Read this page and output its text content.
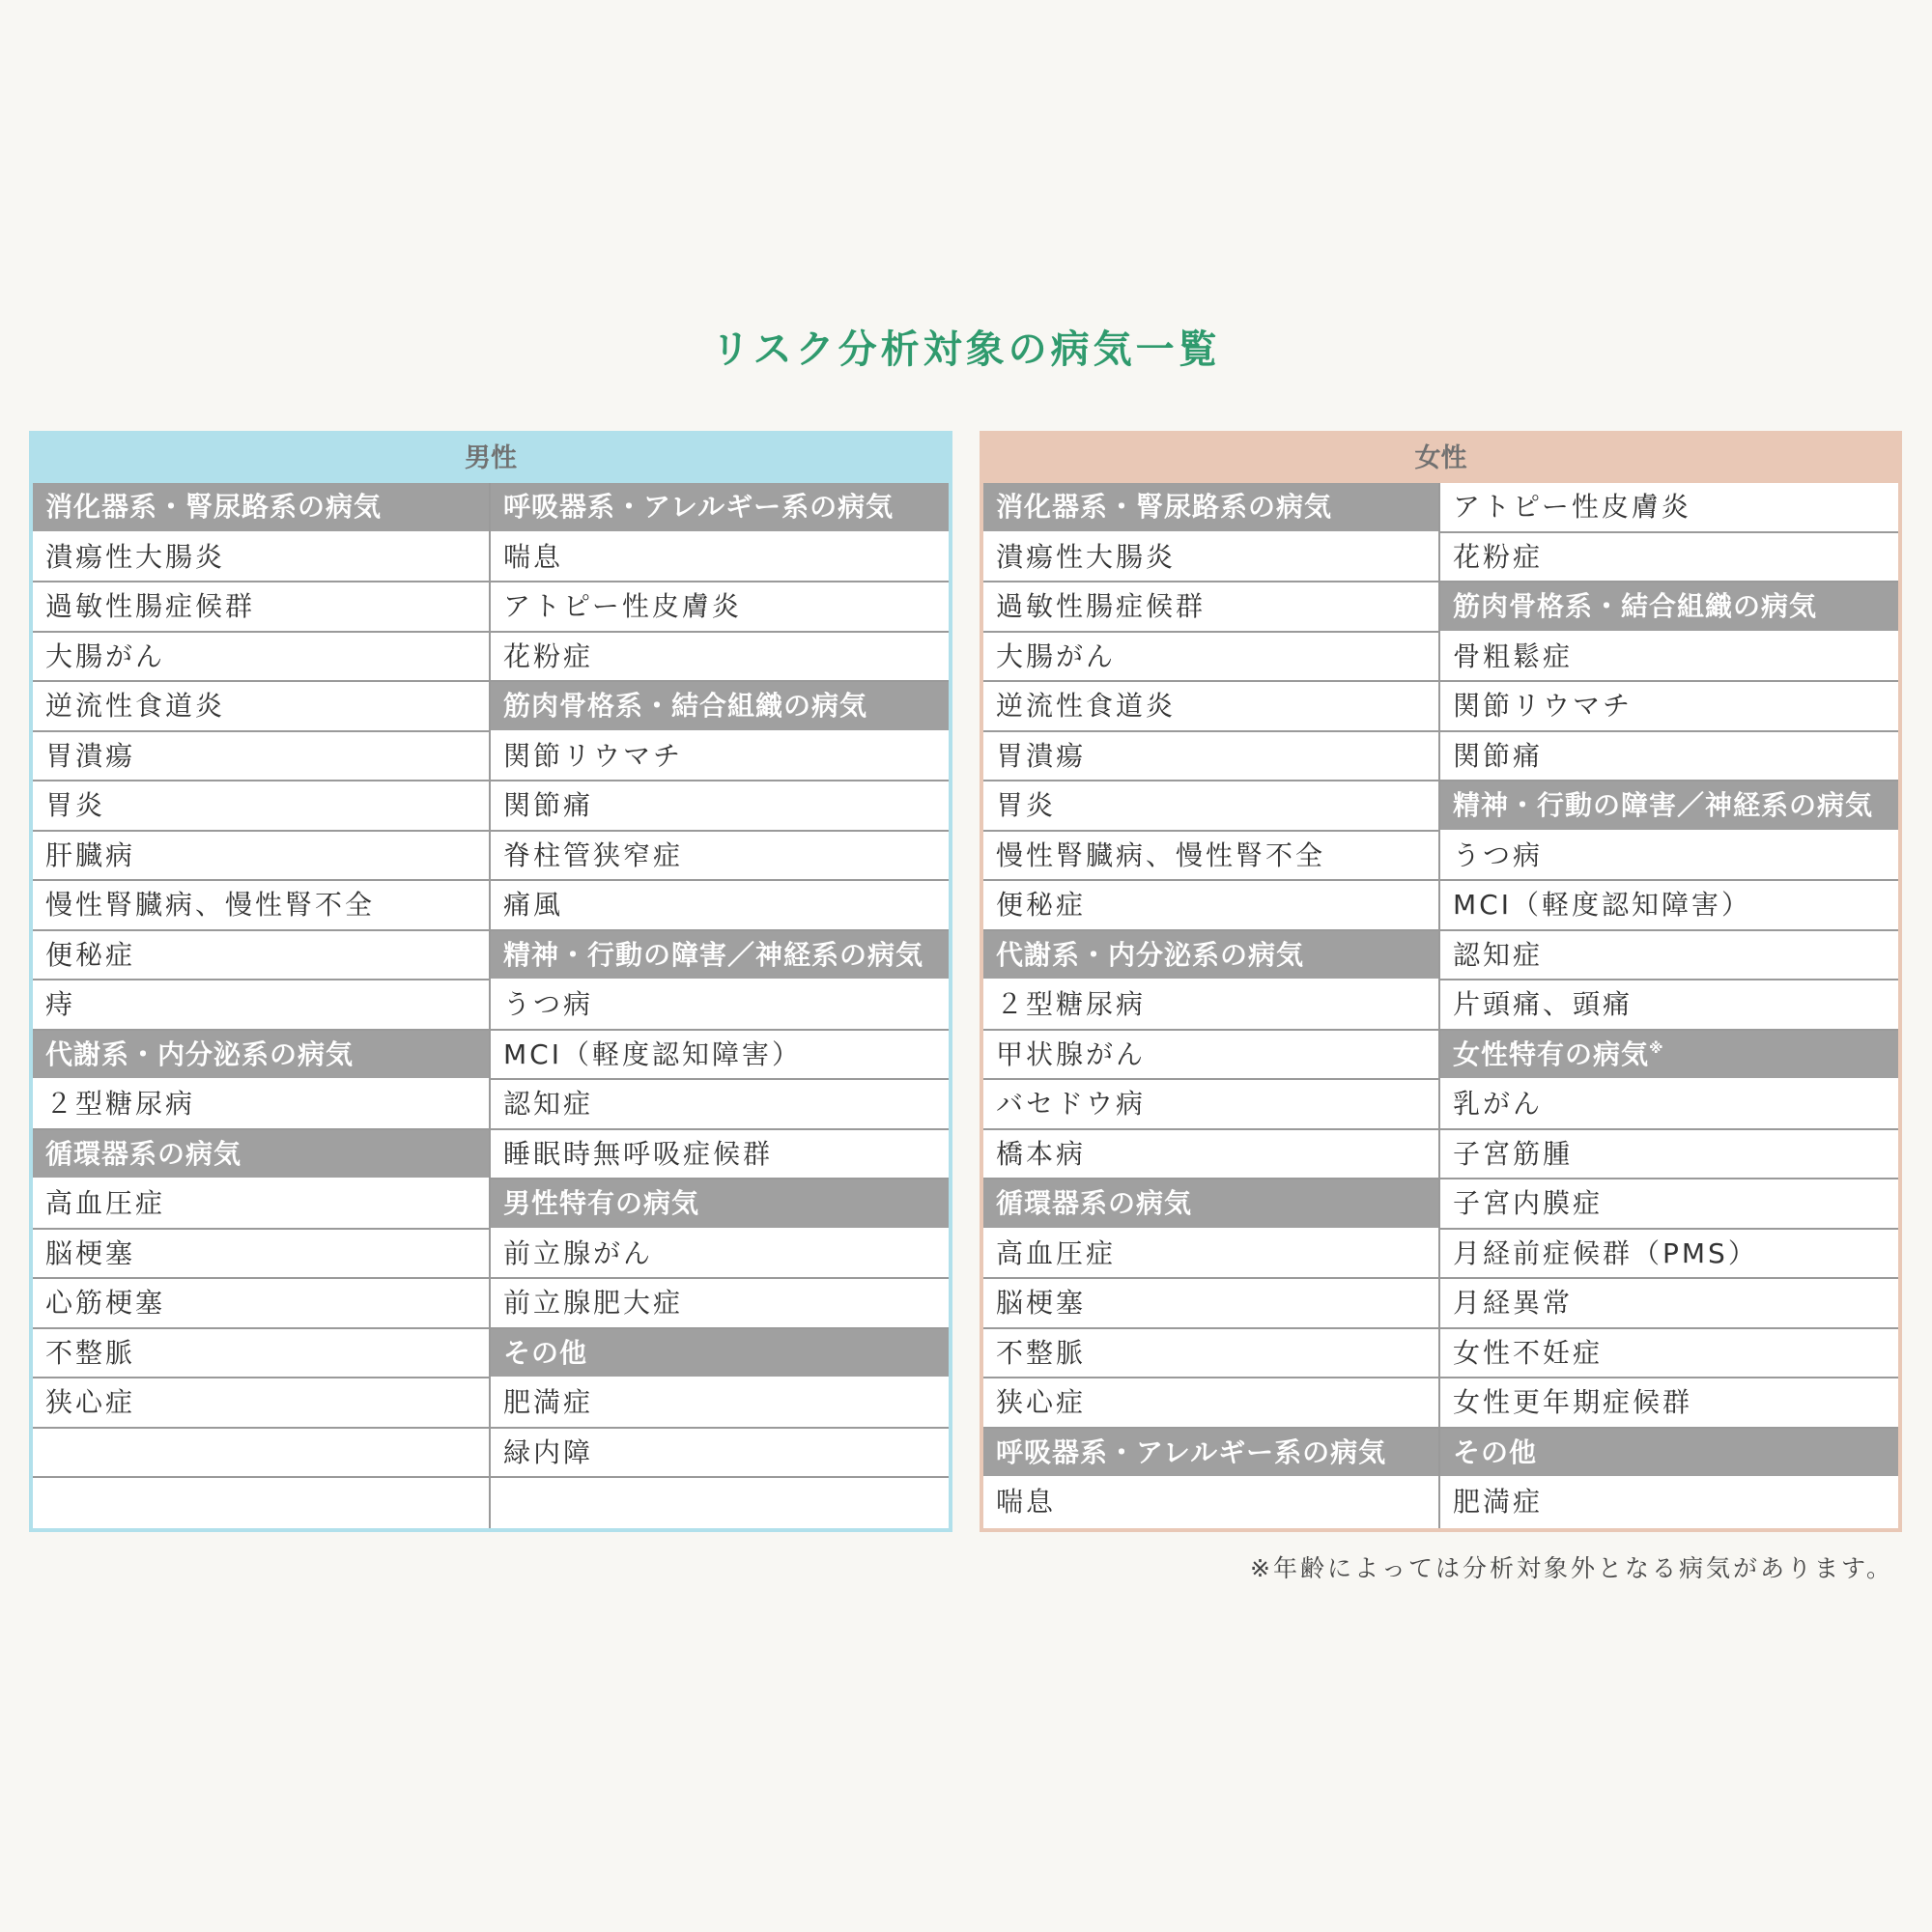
リスク分析対象の病気一覧
男性
消化器系・腎尿路系の病気
潰瘍性大腸炎
過敏性腸症候群
大腸がん
逆流性食道炎
胃潰瘍
胃炎
肝臓病
慢性腎臓病、慢性腎不全
便秘症
痔
代謝系・内分泌系の病気
２型糖尿病
循環器系の病気
高血圧症
脳梗塞
心筋梗塞
不整脈
狭心症
呼吸器系・アレルギー系の病気
喘息
アトピー性皮膚炎
花粉症
筋肉骨格系・結合組織の病気
関節リウマチ
関節痛
脊柱管狭窄症
痛風
精神・行動の障害／神経系の病気
うつ病
MCI（軽度認知障害）
認知症
睡眠時無呼吸症候群
男性特有の病気
前立腺がん
前立腺肥大症
その他
肥満症
緑内障
女性
消化器系・腎尿路系の病気
潰瘍性大腸炎
過敏性腸症候群
大腸がん
逆流性食道炎
胃潰瘍
胃炎
慢性腎臓病、慢性腎不全
便秘症
代謝系・内分泌系の病気
２型糖尿病
甲状腺がん
バセドウ病
橋本病
循環器系の病気
高血圧症
脳梗塞
不整脈
狭心症
呼吸器系・アレルギー系の病気
喘息
アトピー性皮膚炎
花粉症
筋肉骨格系・結合組織の病気
骨粗鬆症
関節リウマチ
関節痛
精神・行動の障害／神経系の病気
うつ病
MCI（軽度認知障害）
認知症
片頭痛、頭痛
女性特有の病気※
乳がん
子宮筋腫
子宮内膜症
月経前症候群（PMS）
月経異常
女性不妊症
女性更年期症候群
その他
肥満症
※年齢によっては分析対象外となる病気があります。
